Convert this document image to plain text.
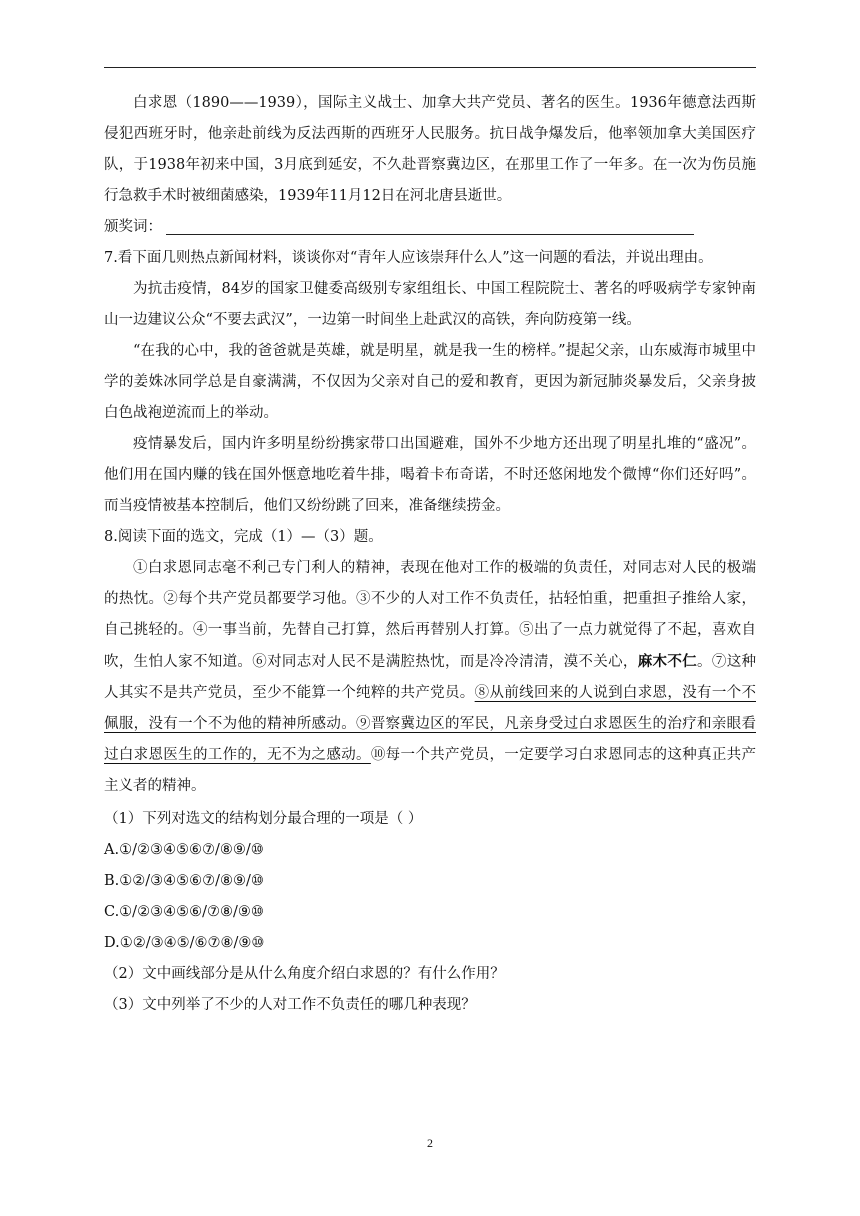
白求恩（1890——1939），国际主义战士、加拿大共产党员、著名的医生。1936年德意法西斯侵犯西班牙时，他亲赴前线为反法西斯的西班牙人民服务。抗日战争爆发后，他率领加拿大美国医疗队，于1938年初来中国，3月底到延安，不久赴晋察冀边区，在那里工作了一年多。在一次为伤员施行急救手术时被细菌感染，1939年11月12日在河北唐县逝世。

颁奖词：

7.看下面几则热点新闻材料，谈谈你对“青年人应该崇拜什么人”这一问题的看法，并说出理由。

为抗击疫情，84岁的国家卫健委高级别专家组组长、中国工程院院士、著名的呼吸病学专家钟南山一边建议公众“不要去武汉”，一边第一时间坐上赴武汉的高铁，奔向防疫第一线。

“在我的心中，我的爸爸就是英雄，就是明星，就是我一生的榜样。”提起父亲，山东威海市城里中学的姜姝冰同学总是自豪满满，不仅因为父亲对自己的爱和教育，更因为新冠肺炎暴发后，父亲身披白色战袍逆流而上的举动。

疫情暴发后，国内许多明星纷纷携家带口出国避难，国外不少地方还出现了明星扎堆的“盛况”。他们用在国内赚的钱在国外惬意地吃着牛排，喝着卡布奇诺，不时还悠闲地发个微博“你们还好吗”。而当疫情被基本控制后，他们又纷纷跳了回来，准备继续捞金。

8.阅读下面的选文，完成（1）—（3）题。

①白求恩同志毫不利己专门利人的精神，表现在他对工作的极端的负责任，对同志对人民的极端的热忱。②每个共产党员都要学习他。③不少的人对工作不负责任，拈轻怕重，把重担子推给人家，自己挑轻的。④一事当前，先替自己打算，然后再替别人打算。⑤出了一点力就觉得了不起，喜欢自吹，生怕人家不知道。⑥对同志对人民不是满腔热忱，而是冷冷清清，漠不关心，麻木不仁。⑦这种人其实不是共产党员，至少不能算一个纯粹的共产党员。⑧从前线回来的人说到白求恩，没有一个不佩服，没有一个不为他的精神所感动。⑨晋察冀边区的军民，凡亲身受过白求恩医生的治疗和亲眼看过白求恩医生的工作的，无不为之感动。⑩每一个共产党员，一定要学习白求恩同志的这种真正共产主义者的精神。

（1）下列对选文的结构划分最合理的一项是（ ）

A.①/②③④⑤⑥⑦/⑧⑨/⑩

B.①②/③④⑤⑥⑦/⑧⑨/⑩

C.①/②③④⑤⑥/⑦⑧/⑨⑩

D.①②/③④⑤/⑥⑦⑧/⑨⑩

（2）文中画线部分是从什么角度介绍白求恩的？有什么作用？

（3）文中列举了不少的人对工作不负责任的哪几种表现？

2
